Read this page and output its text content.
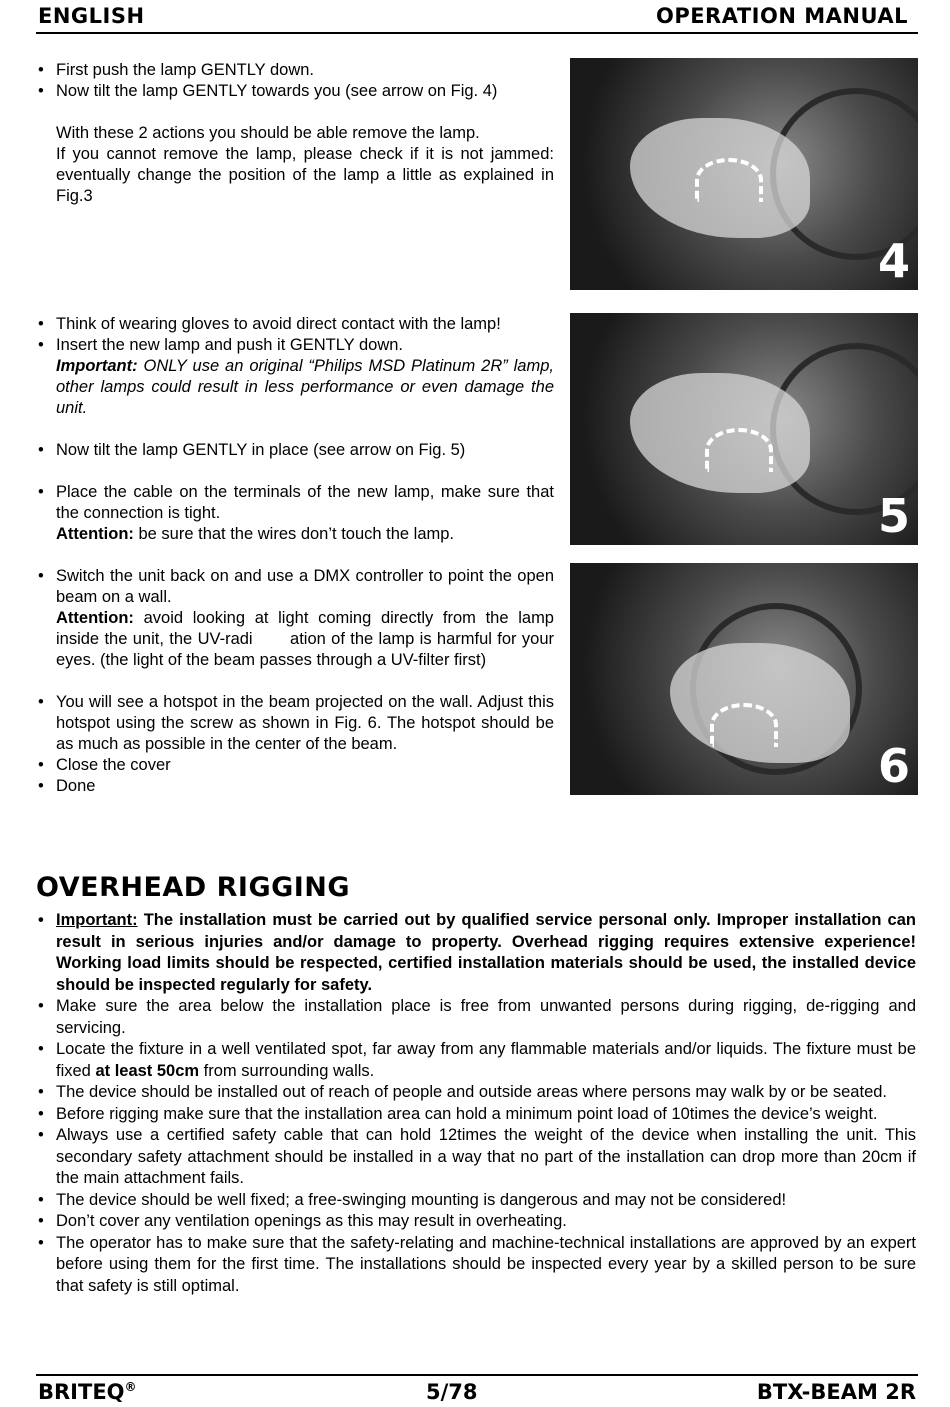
ENGLISH	OPERATION MANUAL
• First push the lamp GENTLY down.
• Now tilt the lamp GENTLY towards you (see arrow on Fig. 4)

With these 2 actions you should be able remove the lamp.

If you cannot remove the lamp, please check if it is not jammed: eventually change the position of the lamp a little as explained in Fig.3

• Think of wearing gloves to avoid direct contact with the lamp!
• Insert the new lamp and push it GENTLY down.
Important: ONLY use an original “Philips MSD Platinum 2R” lamp, other lamps could result in less performance or even damage the unit.
• Now tilt the lamp GENTLY in place (see arrow on Fig. 5)
• Place the cable on the terminals of the new lamp, make sure that the connection is tight.
Attention: be sure that the wires don’t touch the lamp.
• Switch the unit back on and use a DMX controller to point the open beam on a wall.
Attention: avoid looking at light coming directly from the lamp inside the unit, the UV-radi       ation of the lamp is harmful for your eyes. (the light of the beam passes through a UV-filter first)
• You will see a hotspot in the beam projected on the wall. Adjust this hotspot using the screw as shown in Fig. 6. The hotspot should be as much as possible in the center of the beam.
• Close the cover
• Done
4
5
6
OVERHEAD RIGGING
• Important: The installation must be carried out by qualified service personal only. Improper installation can result in serious injuries and/or damage to property. Overhead rigging requires extensive experience! Working load limits should be respected, certified installation materials should be used, the installed device should be inspected regularly for safety.
• Make sure the area below the installation place is free from unwanted persons during rigging, de-rigging and servicing.
• Locate the fixture in a well ventilated spot, far away from any flammable materials and/or liquids. The fixture must be fixed at least 50cm from surrounding walls.
• The device should be installed out of reach of people and outside areas where persons may walk by or be seated.
• Before rigging make sure that the installation area can hold a minimum point load of 10times the device’s weight.
• Always use a certified safety cable that can hold 12times the weight of the device when installing the unit. This secondary safety attachment should be installed in a way that no part of the installation can drop more than 20cm if the main attachment fails.
• The device should be well fixed; a free-swinging mounting is dangerous and may not be considered!
• Don’t cover any ventilation openings as this may result in overheating.
• The operator has to make sure that the safety-relating and machine-technical installations are approved by an expert before using them for the first time. The installations should be inspected every year by a skilled person to be sure that safety is still optimal.
BRITEQ®	5/78	BTX-BEAM 2R
